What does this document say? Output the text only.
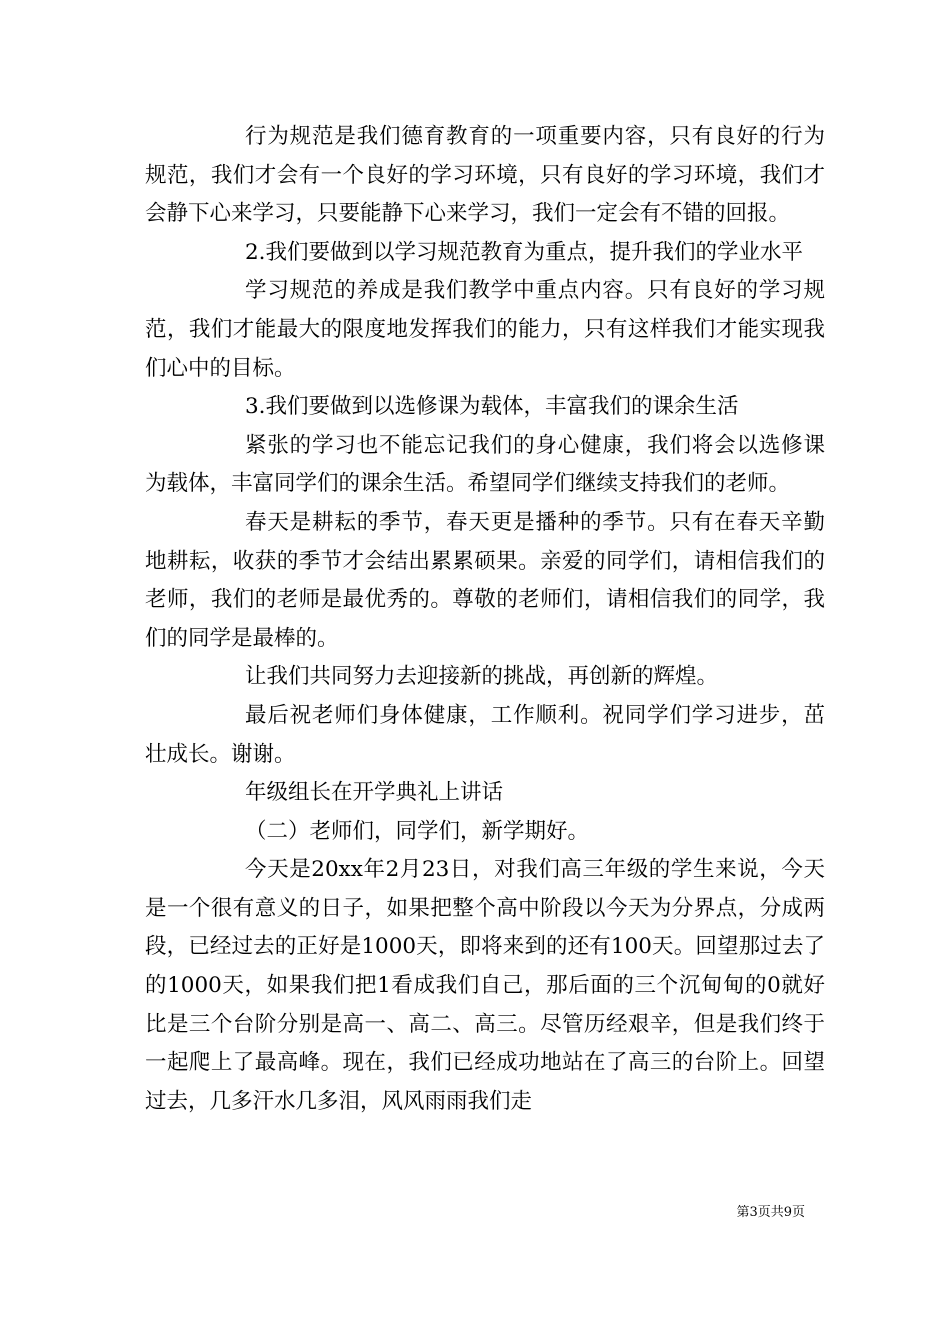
行为规范是我们德育教育的一项重要内容，只有良好的行为规范，我们才会有一个良好的学习环境，只有良好的学习环境，我们才会静下心来学习，只要能静下心来学习，我们一定会有不错的回报。

2.我们要做到以学习规范教育为重点，提升我们的学业水平

学习规范的养成是我们教学中重点内容。只有良好的学习规范，我们才能最大的限度地发挥我们的能力，只有这样我们才能实现我们心中的目标。

3.我们要做到以选修课为载体，丰富我们的课余生活

紧张的学习也不能忘记我们的身心健康，我们将会以选修课为载体，丰富同学们的课余生活。希望同学们继续支持我们的老师。

春天是耕耘的季节，春天更是播种的季节。只有在春天辛勤地耕耘，收获的季节才会结出累累硕果。亲爱的同学们，请相信我们的老师，我们的老师是最优秀的。尊敬的老师们，请相信我们的同学，我们的同学是最棒的。

让我们共同努力去迎接新的挑战，再创新的辉煌。

最后祝老师们身体健康，工作顺利。祝同学们学习进步，茁壮成长。谢谢。

年级组长在开学典礼上讲话

（二）老师们，同学们，新学期好。

今天是20xx年2月23日，对我们高三年级的学生来说，今天是一个很有意义的日子，如果把整个高中阶段以今天为分界点，分成两段，已经过去的正好是1000天，即将来到的还有100天。回望那过去了的1000天，如果我们把1看成我们自己，那后面的三个沉甸甸的0就好比是三个台阶分别是高一、高二、高三。尽管历经艰辛，但是我们终于一起爬上了最高峰。现在，我们已经成功地站在了高三的台阶上。回望过去，几多汗水几多泪，风风雨雨我们走

第3页共9页
